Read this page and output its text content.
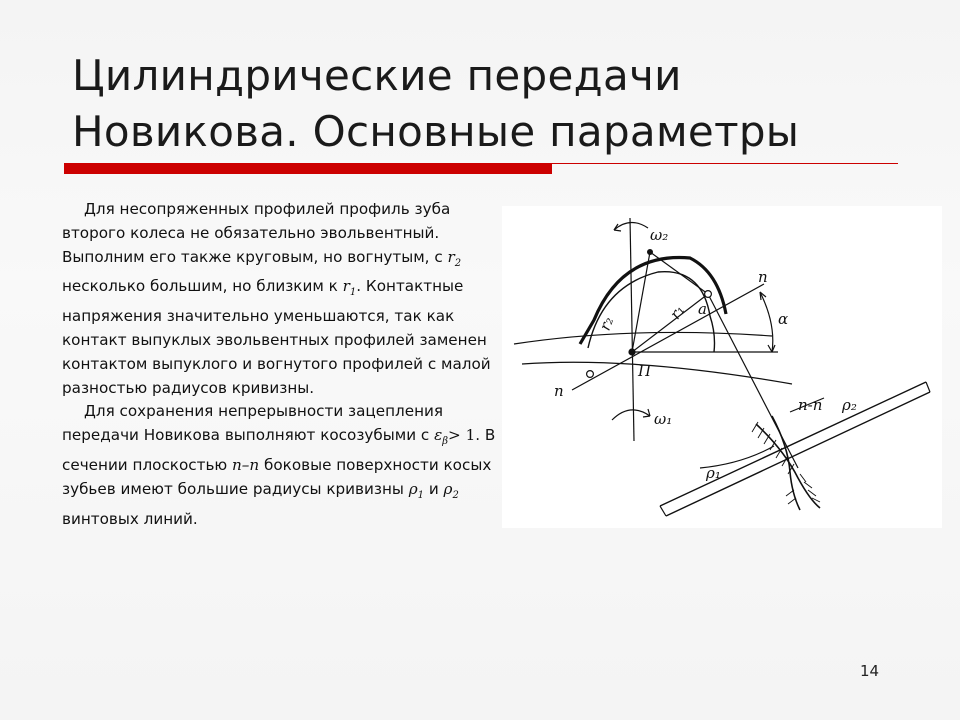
Цилиндрические передачи
Новикова. Основные параметры

Для несопряженных профилей профиль зуба второго колеса не обязательно эвольвентный. Выполним его также круговым, но вогнутым, с $r_2$ несколько большим, но близким к $r_1$. Контактные напряжения значительно уменьшаются, так как контакт выпуклых эвольвентных профилей заменен контактом выпуклого и вогнутого профилей с малой разностью радиусов кривизны.

Для сохранения непрерывности зацепления передачи Новикова выполняют косозубыми с $\varepsilon_\beta> 1$. В сечении плоскостью n–n боковые поверхности косых зубьев имеют большие радиусы кривизны $\rho_1$ и $\rho_2$ винтовых линий.

ω₂
ω₁
r₂
r₁ a
n
n
П
α
n-n ρ₂
ρ₁
14
